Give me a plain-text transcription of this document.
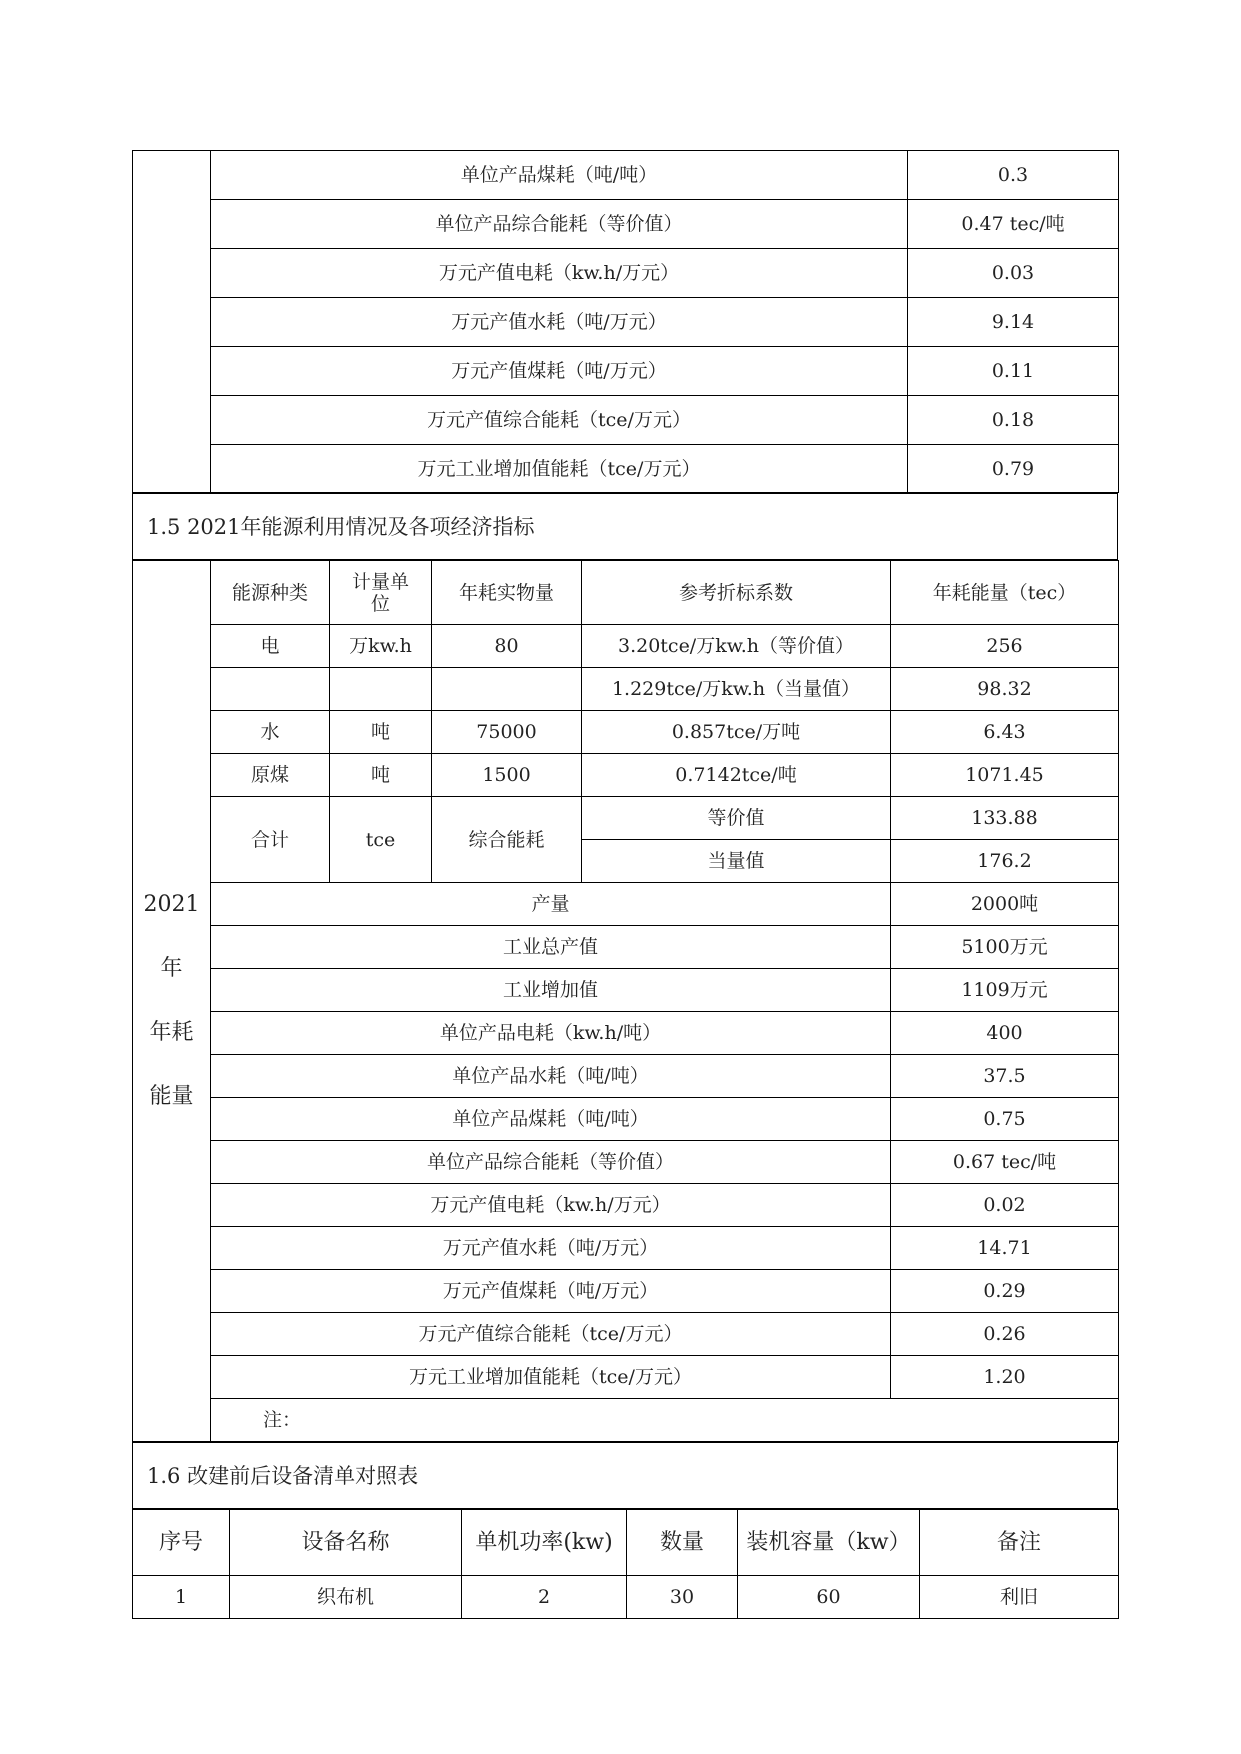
	单位产品煤耗（吨/吨）	0.3
	单位产品综合能耗（等价值）	0.47 tec/吨
	万元产值电耗（kw.h/万元）	0.03
	万元产值水耗（吨/万元）	9.14
	万元产值煤耗（吨/万元）	0.11
	万元产值综合能耗（tce/万元）	0.18
	万元工业增加值能耗（tce/万元）	0.79
1.5 2021年能源利用情况及各项经济指标
2021
年
年耗
能量	能源种类	计量单位	年耗实物量	参考折标系数	年耗能量（tec）
	电	万kw.h	80	3.20tce/万kw.h（等价值）	256
				1.229tce/万kw.h（当量值）	98.32
	水	吨	75000	0.857tce/万吨	6.43
	原煤	吨	1500	0.7142tce/吨	1071.45
	合计	tce	综合能耗	等价值	133.88
				当量值	176.2
	产量				2000吨
	工业总产值				5100万元
	工业增加值				1109万元
	单位产品电耗（kw.h/吨）				400
	单位产品水耗（吨/吨）				37.5
	单位产品煤耗（吨/吨）				0.75
	单位产品综合能耗（等价值）				0.67 tec/吨
	万元产值电耗（kw.h/万元）				0.02
	万元产值水耗（吨/万元）				14.71
	万元产值煤耗（吨/万元）				0.29
	万元产值综合能耗（tce/万元）				0.26
	万元工业增加值能耗（tce/万元）				1.20
	注：				
1.6 改建前后设备清单对照表
序号	设备名称	单机功率(kw)	数量	装机容量（kw）	备注
1	织布机	2	30	60	利旧
